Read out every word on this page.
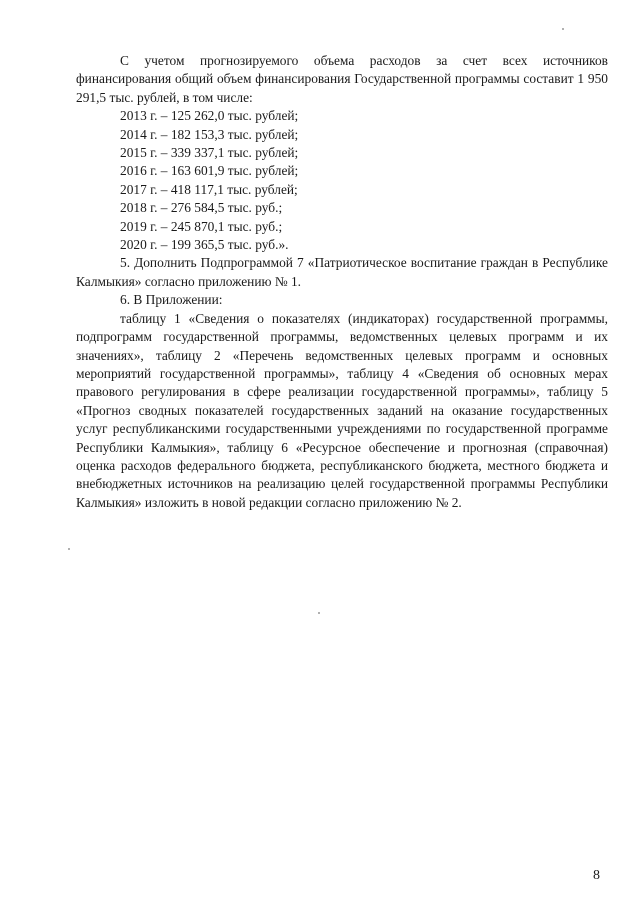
С учетом прогнозируемого объема расходов за счет всех источников финансирования общий объем финансирования Государственной программы составит 1 950 291,5 тыс. рублей, в том числе:

2013 г. – 125 262,0 тыс. рублей;

2014 г. – 182 153,3 тыс. рублей;

2015 г. – 339 337,1 тыс. рублей;

2016 г. – 163 601,9 тыс. рублей;

2017 г. – 418 117,1 тыс. рублей;

2018 г. – 276 584,5 тыс. руб.;

2019 г. – 245 870,1 тыс. руб.;

2020 г. – 199 365,5 тыс. руб.».

5. Дополнить Подпрограммой 7 «Патриотическое воспитание граждан в Республике Калмыкия» согласно приложению № 1.

6. В Приложении:

таблицу 1 «Сведения о показателях (индикаторах) государственной программы, подпрограмм государственной программы, ведомственных целевых программ и их значениях», таблицу 2 «Перечень ведомственных целевых программ и основных мероприятий государственной программы», таблицу 4 «Сведения об основных мерах правового регулирования в сфере реализации государственной программы», таблицу 5 «Прогноз сводных показателей государственных заданий на оказание государственных услуг республиканскими государственными учреждениями по государственной программе Республики Калмыкия», таблицу 6 «Ресурсное обеспечение и прогнозная (справочная) оценка расходов федерального бюджета, республиканского бюджета, местного бюджета и внебюджетных источников на реализацию целей государственной программы Республики Калмыкия» изложить в новой редакции согласно приложению № 2.

8
